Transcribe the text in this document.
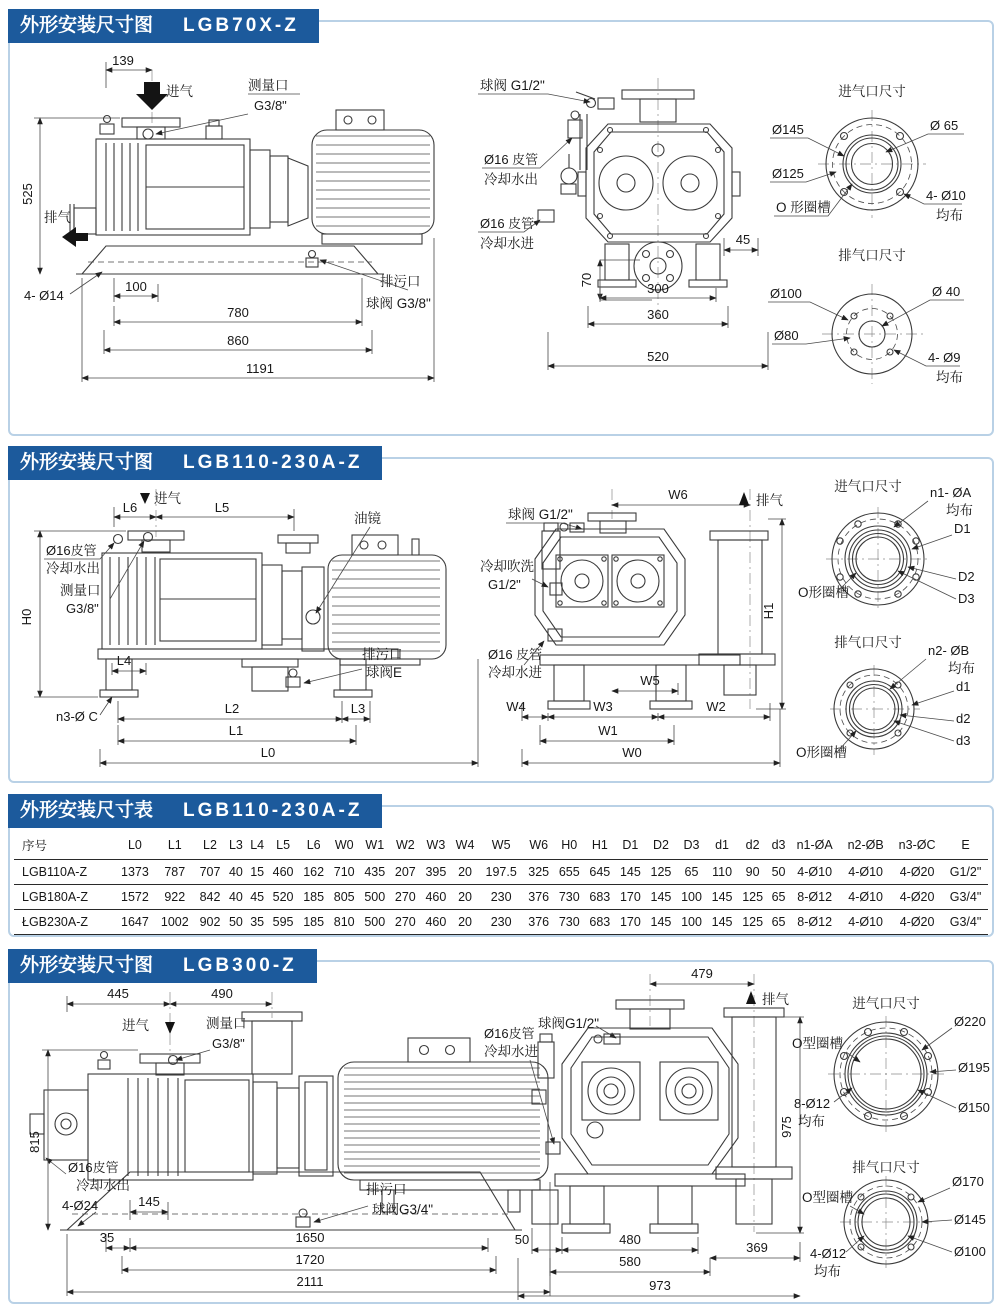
外形安装尺寸图 LGB70X-Z
139
进气	测量口
G3/8"
525
排气
4- Ø14
100
780
860
1191
排污口
球阀 G3/8"
球阀 G1/2"
Ø16 皮管
冷却水出
Ø16 皮管
冷却水进
70
45
300
360
520
进气口尺寸
Ø145
Ø125
O 形圈槽
Ø 65
4- Ø10
均布
排气口尺寸
Ø100
Ø80
Ø 40
4- Ø9
均布
外形安装尺寸图 LGB110-230A-Z
进气
L6	L5
油镜
Ø16皮管
冷却水出
测量口
G3/8"
H0
L4	排污口
球阀E
n3-Ø C
L2	L3
L1
L0
W6	排气
球阀 G1/2"
冷却吹洗
G1/2"
Ø16 皮管
冷却水进
H1
W5
W4	W3	W2
W1
W0
进气口尺寸 n1- ØA
均布
D1
D2
D3
O形圈槽
排气口尺寸
n2- ØB
均布
d1
d2
d3
O形圈槽
外形安装尺寸表 LGB110-230A-Z
序号	L0	L1	L2	L3	L4	L5	L6	W0	W1	W2	W3	W4	W5	W6	H0	H1	D1	D2	D3	d1	d2	d3	n1-ØA	n2-ØB	n3-ØC	E
LGB110A-Z	1373	787	707	40	15	460	162	710	435	207	395	20	197.5	325	655	645	145	125	65	110	90	50	4-Ø10	4-Ø10	4-Ø20	G1/2"
LGB180A-Z	1572	922	842	40	45	520	185	805	500	270	460	20	230	376	730	683	170	145	100	145	125	65	8-Ø12	4-Ø10	4-Ø20	G3/4"
ŁGB230A-Z	1647	1002	902	50	35	595	185	810	500	270	460	20	230	376	730	683	170	145	100	145	125	65	8-Ø12	4-Ø10	4-Ø20	G3/4"
外形安装尺寸图 LGB300-Z
445	490
进气	测量口
G3/8"
Ø16皮管
冷却水出
4-Ø24	145
815
排污口
球阀G3/4"
35	1650
1720
2111
479
排气
Ø16皮管
冷却水进
球阀G1/2"
975
50	480
580
369
973
进气口尺寸
Ø220
Ø195
Ø150
O型圈槽
8-Ø12
均布
排气口尺寸
Ø170
Ø145
Ø100
O型圈槽
4-Ø12
均布
